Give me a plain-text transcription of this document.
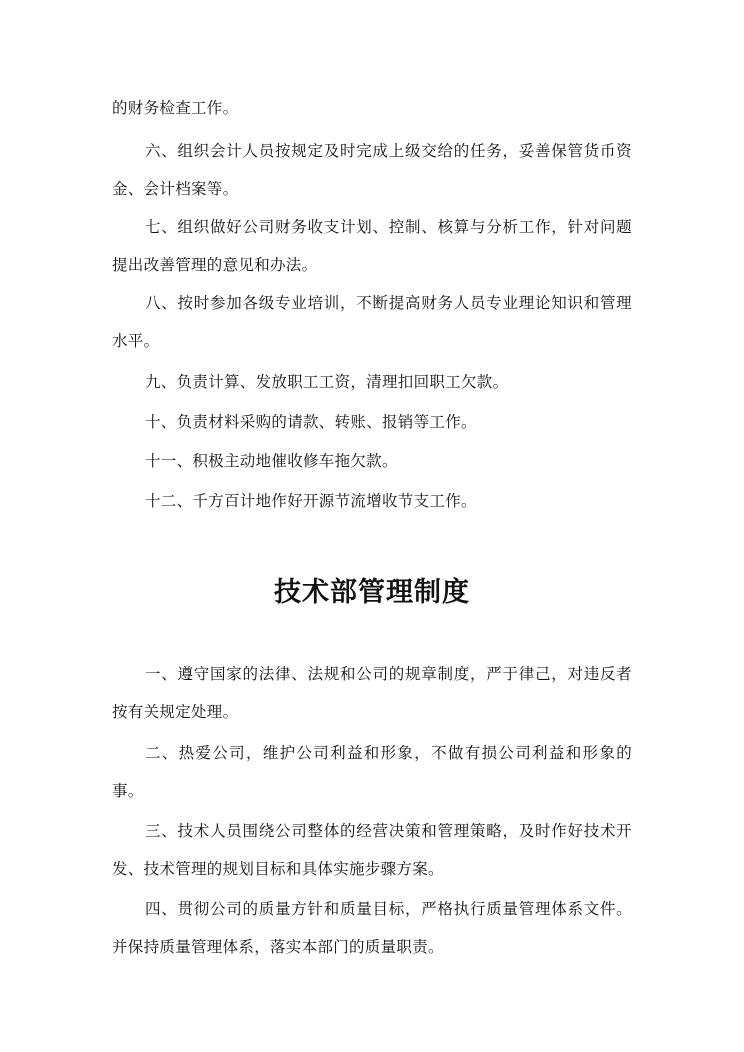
的财务检查工作。

六、组织会计人员按规定及时完成上级交给的任务，妥善保管货币资金、会计档案等。

七、组织做好公司财务收支计划、控制、核算与分析工作，针对问题提出改善管理的意见和办法。

八、按时参加各级专业培训，不断提高财务人员专业理论知识和管理水平。

九、负责计算、发放职工工资，清理扣回职工欠款。

十、负责材料采购的请款、转账、报销等工作。

十一、积极主动地催收修车拖欠款。

十二、千方百计地作好开源节流增收节支工作。

技术部管理制度

一、遵守国家的法律、法规和公司的规章制度，严于律己，对违反者按有关规定处理。

二、热爱公司，维护公司利益和形象，不做有损公司利益和形象的事。

三、技术人员围绕公司整体的经营决策和管理策略，及时作好技术开发、技术管理的规划目标和具体实施步骤方案。

四、贯彻公司的质量方针和质量目标，严格执行质量管理体系文件。并保持质量管理体系，落实本部门的质量职责。
